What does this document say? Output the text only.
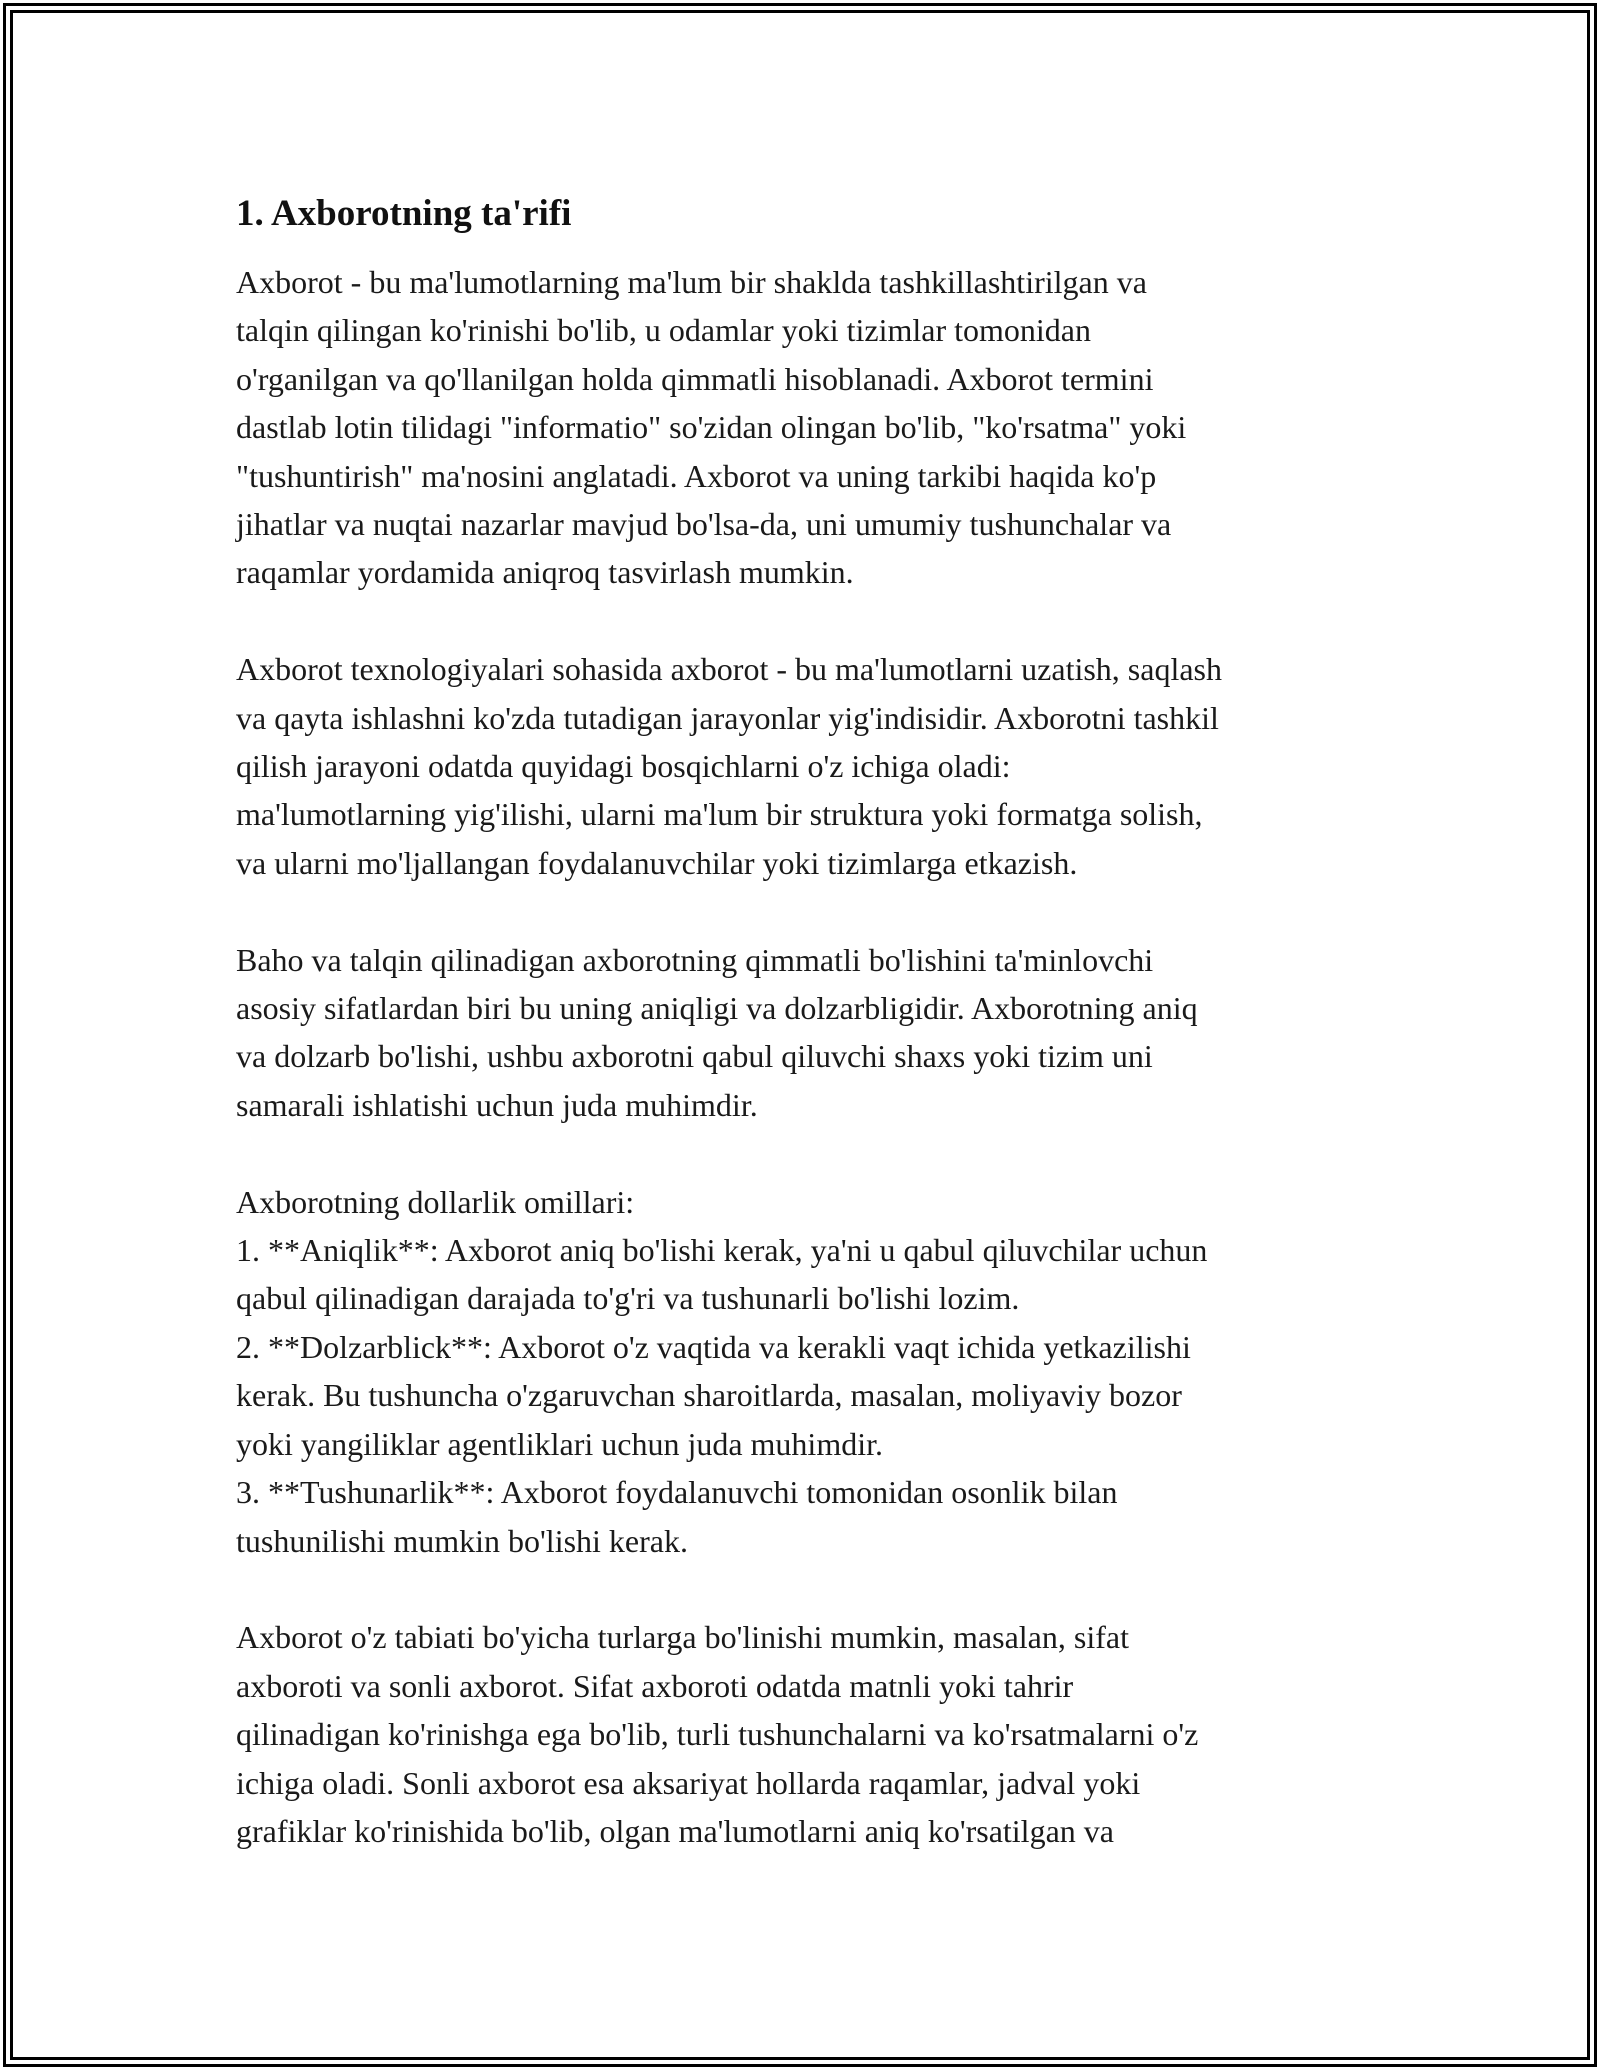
1. Axborotning ta'rifi

Axborot - bu ma'lumotlarning ma'lum bir shaklda tashkillashtirilgan va
talqin qilingan ko'rinishi bo'lib, u odamlar yoki tizimlar tomonidan
o'rganilgan va qo'llanilgan holda qimmatli hisoblanadi. Axborot termini
dastlab lotin tilidagi "informatio" so'zidan olingan bo'lib, "ko'rsatma" yoki
"tushuntirish" ma'nosini anglatadi. Axborot va uning tarkibi haqida ko'p
jihatlar va nuqtai nazarlar mavjud bo'lsa-da, uni umumiy tushunchalar va
raqamlar yordamida aniqroq tasvirlash mumkin.

Axborot texnologiyalari sohasida axborot - bu ma'lumotlarni uzatish, saqlash
va qayta ishlashni ko'zda tutadigan jarayonlar yig'indisidir. Axborotni tashkil
qilish jarayoni odatda quyidagi bosqichlarni o'z ichiga oladi:
ma'lumotlarning yig'ilishi, ularni ma'lum bir struktura yoki formatga solish,
va ularni mo'ljallangan foydalanuvchilar yoki tizimlarga etkazish.

Baho va talqin qilinadigan axborotning qimmatli bo'lishini ta'minlovchi
asosiy sifatlardan biri bu uning aniqligi va dolzarbligidir. Axborotning aniq
va dolzarb bo'lishi, ushbu axborotni qabul qiluvchi shaxs yoki tizim uni
samarali ishlatishi uchun juda muhimdir.

Axborotning dollarlik omillari:
1. **Aniqlik**: Axborot aniq bo'lishi kerak, ya'ni u qabul qiluvchilar uchun
qabul qilinadigan darajada to'g'ri va tushunarli bo'lishi lozim.
2. **Dolzarblick**: Axborot o'z vaqtida va kerakli vaqt ichida yetkazilishi
kerak. Bu tushuncha o'zgaruvchan sharoitlarda, masalan, moliyaviy bozor
yoki yangiliklar agentliklari uchun juda muhimdir.
3. **Tushunarlik**: Axborot foydalanuvchi tomonidan osonlik bilan
tushunilishi mumkin bo'lishi kerak.

Axborot o'z tabiati bo'yicha turlarga bo'linishi mumkin, masalan, sifat
axboroti va sonli axborot. Sifat axboroti odatda matnli yoki tahrir
qilinadigan ko'rinishga ega bo'lib, turli tushunchalarni va ko'rsatmalarni o'z
ichiga oladi. Sonli axborot esa aksariyat hollarda raqamlar, jadval yoki
grafiklar ko'rinishida bo'lib, olgan ma'lumotlarni aniq ko'rsatilgan va
